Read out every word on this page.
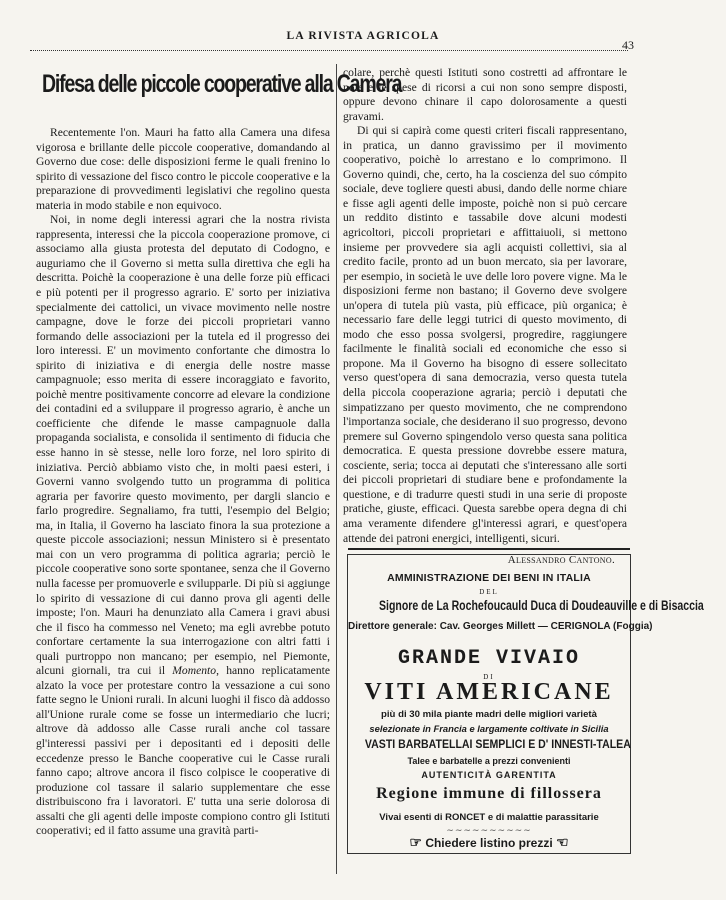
LA RIVISTA AGRICOLA
43
Difesa delle piccole cooperative alla Camera

Recentemente l'on. Mauri ha fatto alla Camera una difesa vigorosa e brillante delle piccole cooperative, domandando al Governo due cose: delle disposizioni ferme le quali frenino lo spirito di vessazione del fisco contro le piccole cooperative e la preparazione di provvedimenti legislativi che regolino questa materia in modo stabile e non equivoco.

Noi, in nome degli interessi agrari che la nostra rivista rappresenta, interessi che la piccola cooperazione promove, ci associamo alla giusta protesta del deputato di Codogno, e auguriamo che il Governo si metta sulla direttiva che egli ha descritta. Poichè la cooperazione è una delle forze più efficaci e più potenti per il progresso agrario. E' sorto per iniziativa specialmente dei cattolici, un vivace movimento nelle nostre campagne, dove le forze dei piccoli proprietari vanno formando delle associazioni per la tutela ed il progresso dei loro interessi. E' un movimento confortante che dimostra lo spirito di iniziativa e di energia delle nostre masse campagnuole; esso merita di essere incoraggiato e favorito, poichè mentre positivamente concorre ad elevare la condizione dei contadini ed a sviluppare il progresso agrario, è anche un coefficiente che difende le masse campagnuole dalla propaganda socialista, e consolida il sentimento di fiducia che esse hanno in sè stesse, nelle loro forze, nel loro spirito di iniziativa. Perciò abbiamo visto che, in molti paesi esteri, i Governi vanno svolgendo tutto un programma di politica agraria per favorire questo movimento, per dargli slancio e farlo progredire. Segnaliamo, fra tutti, l'esempio del Belgio; ma, in Italia, il Governo ha lasciato finora la sua protezione a queste piccole associazioni; nessun Ministero si è presentato mai con un vero programma di politica agraria; perciò le piccole cooperative sono sorte spontanee, senza che il Governo nulla facesse per promuoverle e svilupparle. Di più si aggiunge lo spirito di vessazione di cui danno prova gli agenti delle imposte; l'on. Mauri ha denunziato alla Camera i gravi abusi che il fisco ha commesso nel Veneto; ma egli avrebbe potuto confortare certamente la sua interrogazione con altri fatti i quali purtroppo non mancano; per esempio, nel Piemonte, alcuni giornali, tra cui il Momento, hanno replicatamente alzato la voce per protestare contro la vessazione a cui sono fatte segno le Unioni rurali. In alcuni luoghi il fisco dà addosso all'Unione rurale come se fosse un intermediario che lucri; altrove dà addosso alle Casse rurali anche col tassare gl'interessi passivi per i depositanti ed i depositi delle eccedenze presso le Banche cooperative cui le Casse rurali fanno capo; altrove ancora il fisco colpisce le cooperative di produzione col tassare il salario supplementare che esse distribuiscono fra i lavoratori. E' tutta una serie dolorosa di assalti che gli agenti delle imposte compiono contro gli Istituti cooperativi; ed il fatto assume una gravità parti-

colare, perchè questi Istituti sono costretti ad affrontare le noie e le spese di ricorsi a cui non sono sempre disposti, oppure devono chinare il capo dolorosamente a questi gravami.

Di qui si capirà come questi criteri fiscali rappresentano, in pratica, un danno gravissimo per il movimento cooperativo, poichè lo arrestano e lo comprimono. Il Governo quindi, che, certo, ha la coscienza del suo cómpito sociale, deve togliere questi abusi, dando delle norme chiare e fisse agli agenti delle imposte, poichè non si può cercare un reddito distinto e tassabile dove alcuni modesti agricoltori, piccoli proprietari e affittaiuoli, si mettono insieme per provvedere sia agli acquisti collettivi, sia al credito facile, pronto ad un buon mercato, sia per lavorare, per esempio, in società le uve delle loro povere vigne. Ma le disposizioni ferme non bastano; il Governo deve svolgere un'opera di tutela più vasta, più efficace, più organica; è necessario fare delle leggi tutrici di questo movimento, di modo che esso possa svolgersi, progredire, raggiungere facilmente le finalità sociali ed economiche che esso si propone. Ma il Governo ha bisogno di essere sollecitato verso quest'opera di sana democrazia, verso questa tutela della piccola cooperazione agraria; perciò i deputati che simpatizzano per questo movimento, che ne comprendono l'importanza sociale, che desiderano il suo progresso, devono premere sul Governo spingendolo verso questa sana politica democratica. E questa pressione dovrebbe essere matura, cosciente, seria; tocca ai deputati che s'interessano alle sorti dei piccoli proprietari di studiare bene e profondamente la questione, e di tradurre questi studi in una serie di proposte pratiche, giuste, efficaci. Questa sarebbe opera degna di chi ama veramente difendere gl'interessi agrari, e quest'opera attende dei patroni energici, intelligenti, sicuri.

Alessandro Cantono.
AMMINISTRAZIONE DEI BENI IN ITALIA
DEL
Signore de La Rochefoucauld Duca di Doudeauville e di Bisaccia
Direttore generale: Cav. Georges Millett — CERIGNOLA (Foggia)
GRANDE VIVAIO
DI
VITI AMERICANE
più di 30 mila piante madri delle migliori varietà
selezionate in Francia e largamente coltivate in Sicilia
VASTI BARBATELLAI SEMPLICI E D' INNESTI-TALEA
Talee e barbatelle a prezzi convenienti
AUTENTICITÀ GARENTITA
Regione immune di fillossera
Vivai esenti di RONCET e di malattie parassitarie
∼∼∼∼∼∼∼∼∼∼
☞ Chiedere listino prezzi ☜
